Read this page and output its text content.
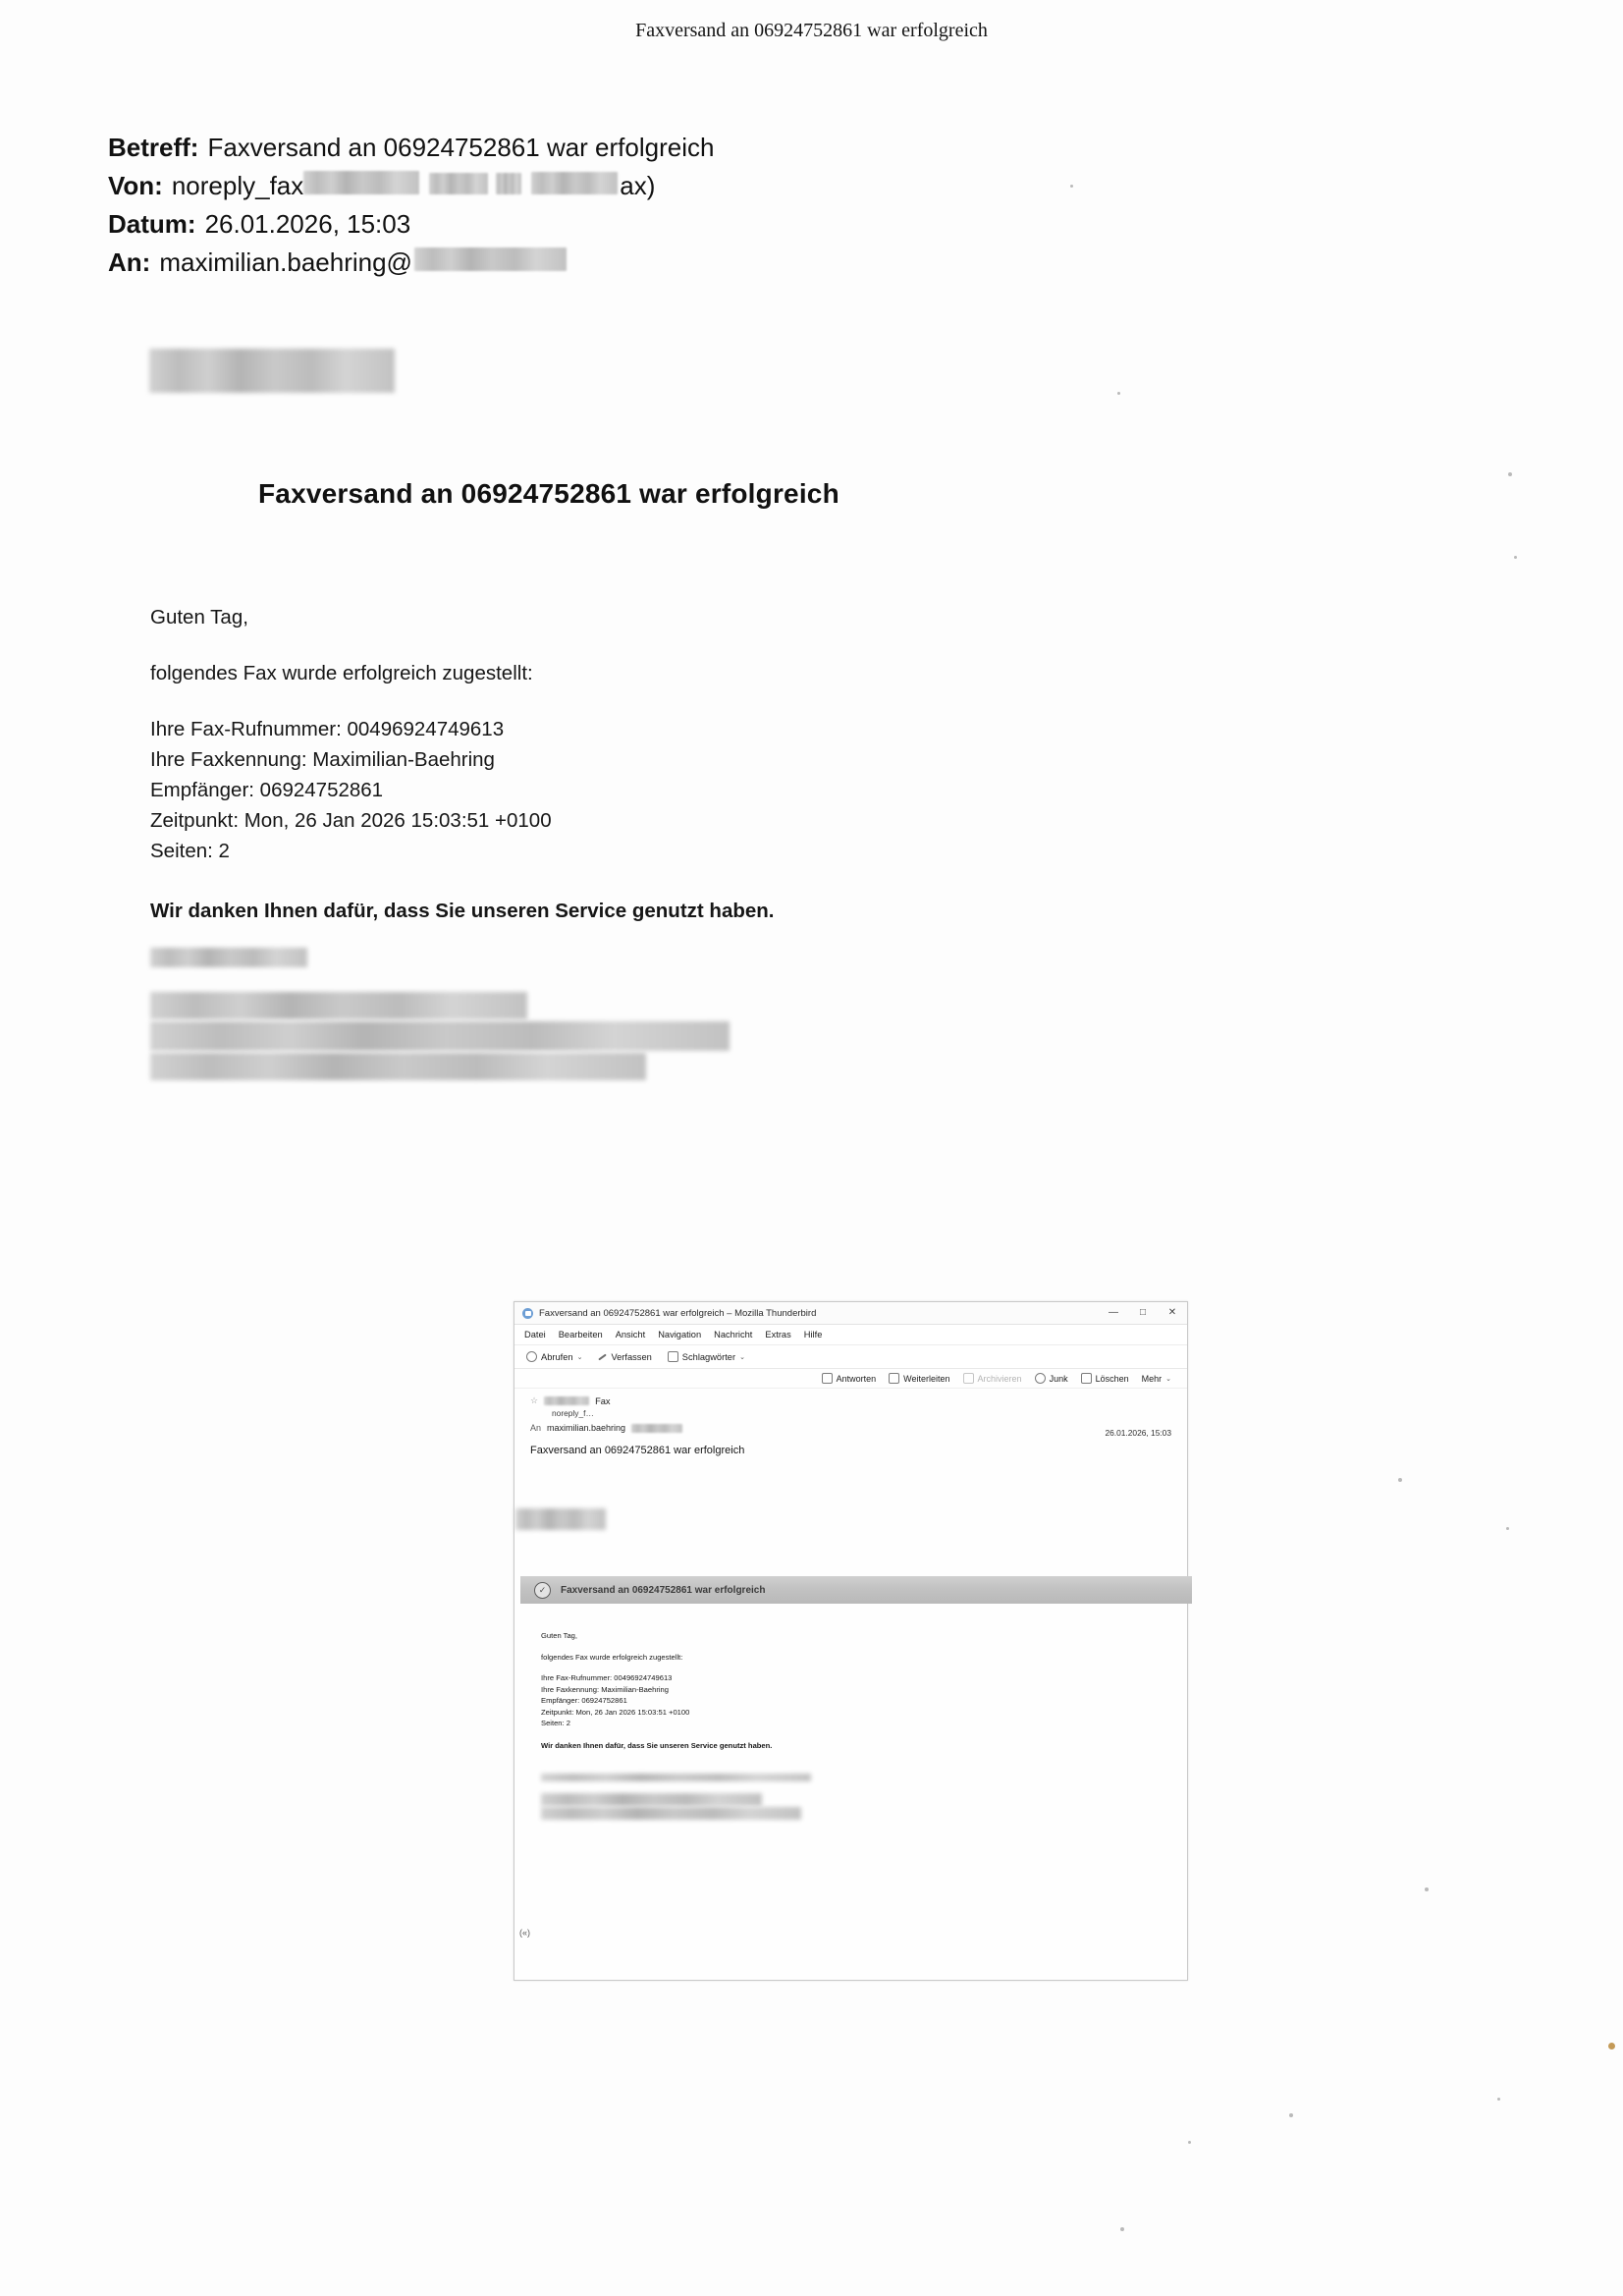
Faxversand an 06924752861 war erfolgreich
Betreff: Faxversand an 06924752861 war erfolgreich
Von: noreply_fax	ax)
Datum: 26.01.2026, 15:03
An: maximilian.baehring@
Faxversand an 06924752861 war erfolgreich
Guten Tag,
folgendes Fax wurde erfolgreich zugestellt:
Ihre Fax-Rufnummer: 00496924749613
Ihre Faxkennung: Maximilian-Baehring
Empfänger: 06924752861
Zeitpunkt: Mon, 26 Jan 2026 15:03:51 +0100
Seiten: 2
Wir danken Ihnen dafür, dass Sie unseren Service genutzt haben.
Faxversand an 06924752861 war erfolgreich – Mozilla Thunderbird	—	□	✕
Datei Bearbeiten Ansicht Navigation Nachricht Extras Hilfe
Abrufen ⌄	Verfassen	Schlagwörter ⌄
Antworten	Weiterleiten	Archivieren	Junk	Löschen Mehr ⌄
☆	Fax
noreply_f…
An maximilian.baehring	26.01.2026, 15:03
Faxversand an 06924752861 war erfolgreich
✓	Faxversand an 06924752861 war erfolgreich
Guten Tag,
folgendes Fax wurde erfolgreich zugestellt:
Ihre Fax-Rufnummer: 00496924749613
Ihre Faxkennung: Maximilian-Baehring
Empfänger: 06924752861
Zeitpunkt: Mon, 26 Jan 2026 15:03:51 +0100
Seiten: 2
Wir danken Ihnen dafür, dass Sie unseren Service genutzt haben.
(«)
